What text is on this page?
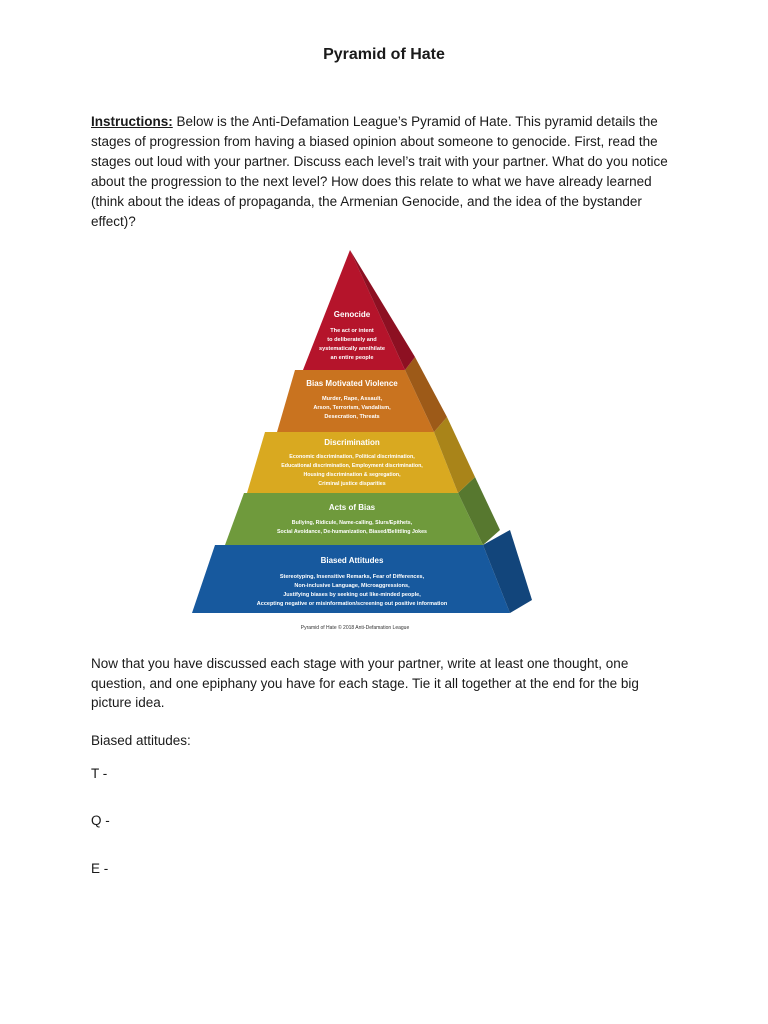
Pyramid of Hate
Instructions: Below is the Anti-Defamation League’s Pyramid of Hate. This pyramid details the stages of progression from having a biased opinion about someone to genocide. First, read the stages out loud with your partner. Discuss each level’s trait with your partner. What do you notice about the progression to the next level? How does this relate to what we have already learned (think about the ideas of propaganda, the Armenian Genocide, and the idea of the bystander effect)?
Genocide
The act or intent
to deliberately and
systematically annihilate
an entire people
Bias Motivated Violence
Murder, Rape, Assault,
Arson, Terrorism, Vandalism,
Desecration, Threats
Discrimination
Economic discrimination, Political discrimination,
Educational discrimination, Employment discrimination,
Housing discrimination & segregation,
Criminal justice disparities
Acts of Bias
Bullying, Ridicule, Name-calling, Slurs/Epithets,
Social Avoidance, De-humanization, Biased/Belittling Jokes
Biased Attitudes
Stereotyping, Insensitive Remarks, Fear of Differences,
Non-inclusive Language, Microaggressions,
Justifying biases by seeking out like-minded people,
Accepting negative or misinformation/screening out positive information
Pyramid of Hate © 2018 Anti-Defamation League
Now that you have discussed each stage with your partner, write at least one thought, one question, and one epiphany you have for each stage. Tie it all together at the end for the big picture idea.
Biased attitudes:
T -
Q -
E -
